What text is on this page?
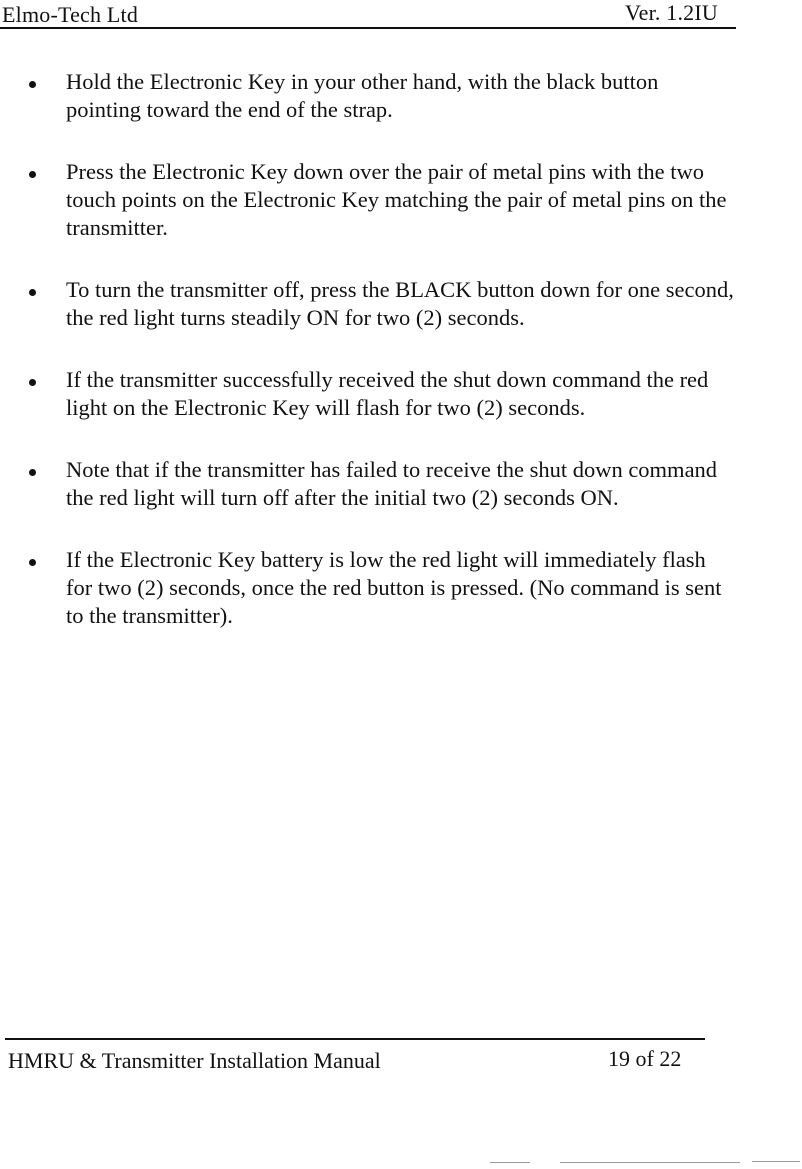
Elmo-Tech Ltd	Ver. 1.2IU
Hold the Electronic Key in your other hand, with the black button pointing toward the end of the strap.
Press the Electronic Key down over the pair of metal pins with the two touch points on the Electronic Key matching the pair of metal pins on the transmitter.
To turn the transmitter off, press the BLACK button down for one second, the red light turns steadily ON for two (2) seconds.
If the transmitter successfully received the shut down command the red light on the Electronic Key will flash for two (2) seconds.
Note that if the transmitter has failed to receive the shut down command the red light will turn off after the initial two (2) seconds ON.
If the Electronic Key battery is low the red light will immediately flash for two (2) seconds, once the red button is pressed. (No command is sent to the transmitter).
HMRU & Transmitter Installation Manual	19 of 22
